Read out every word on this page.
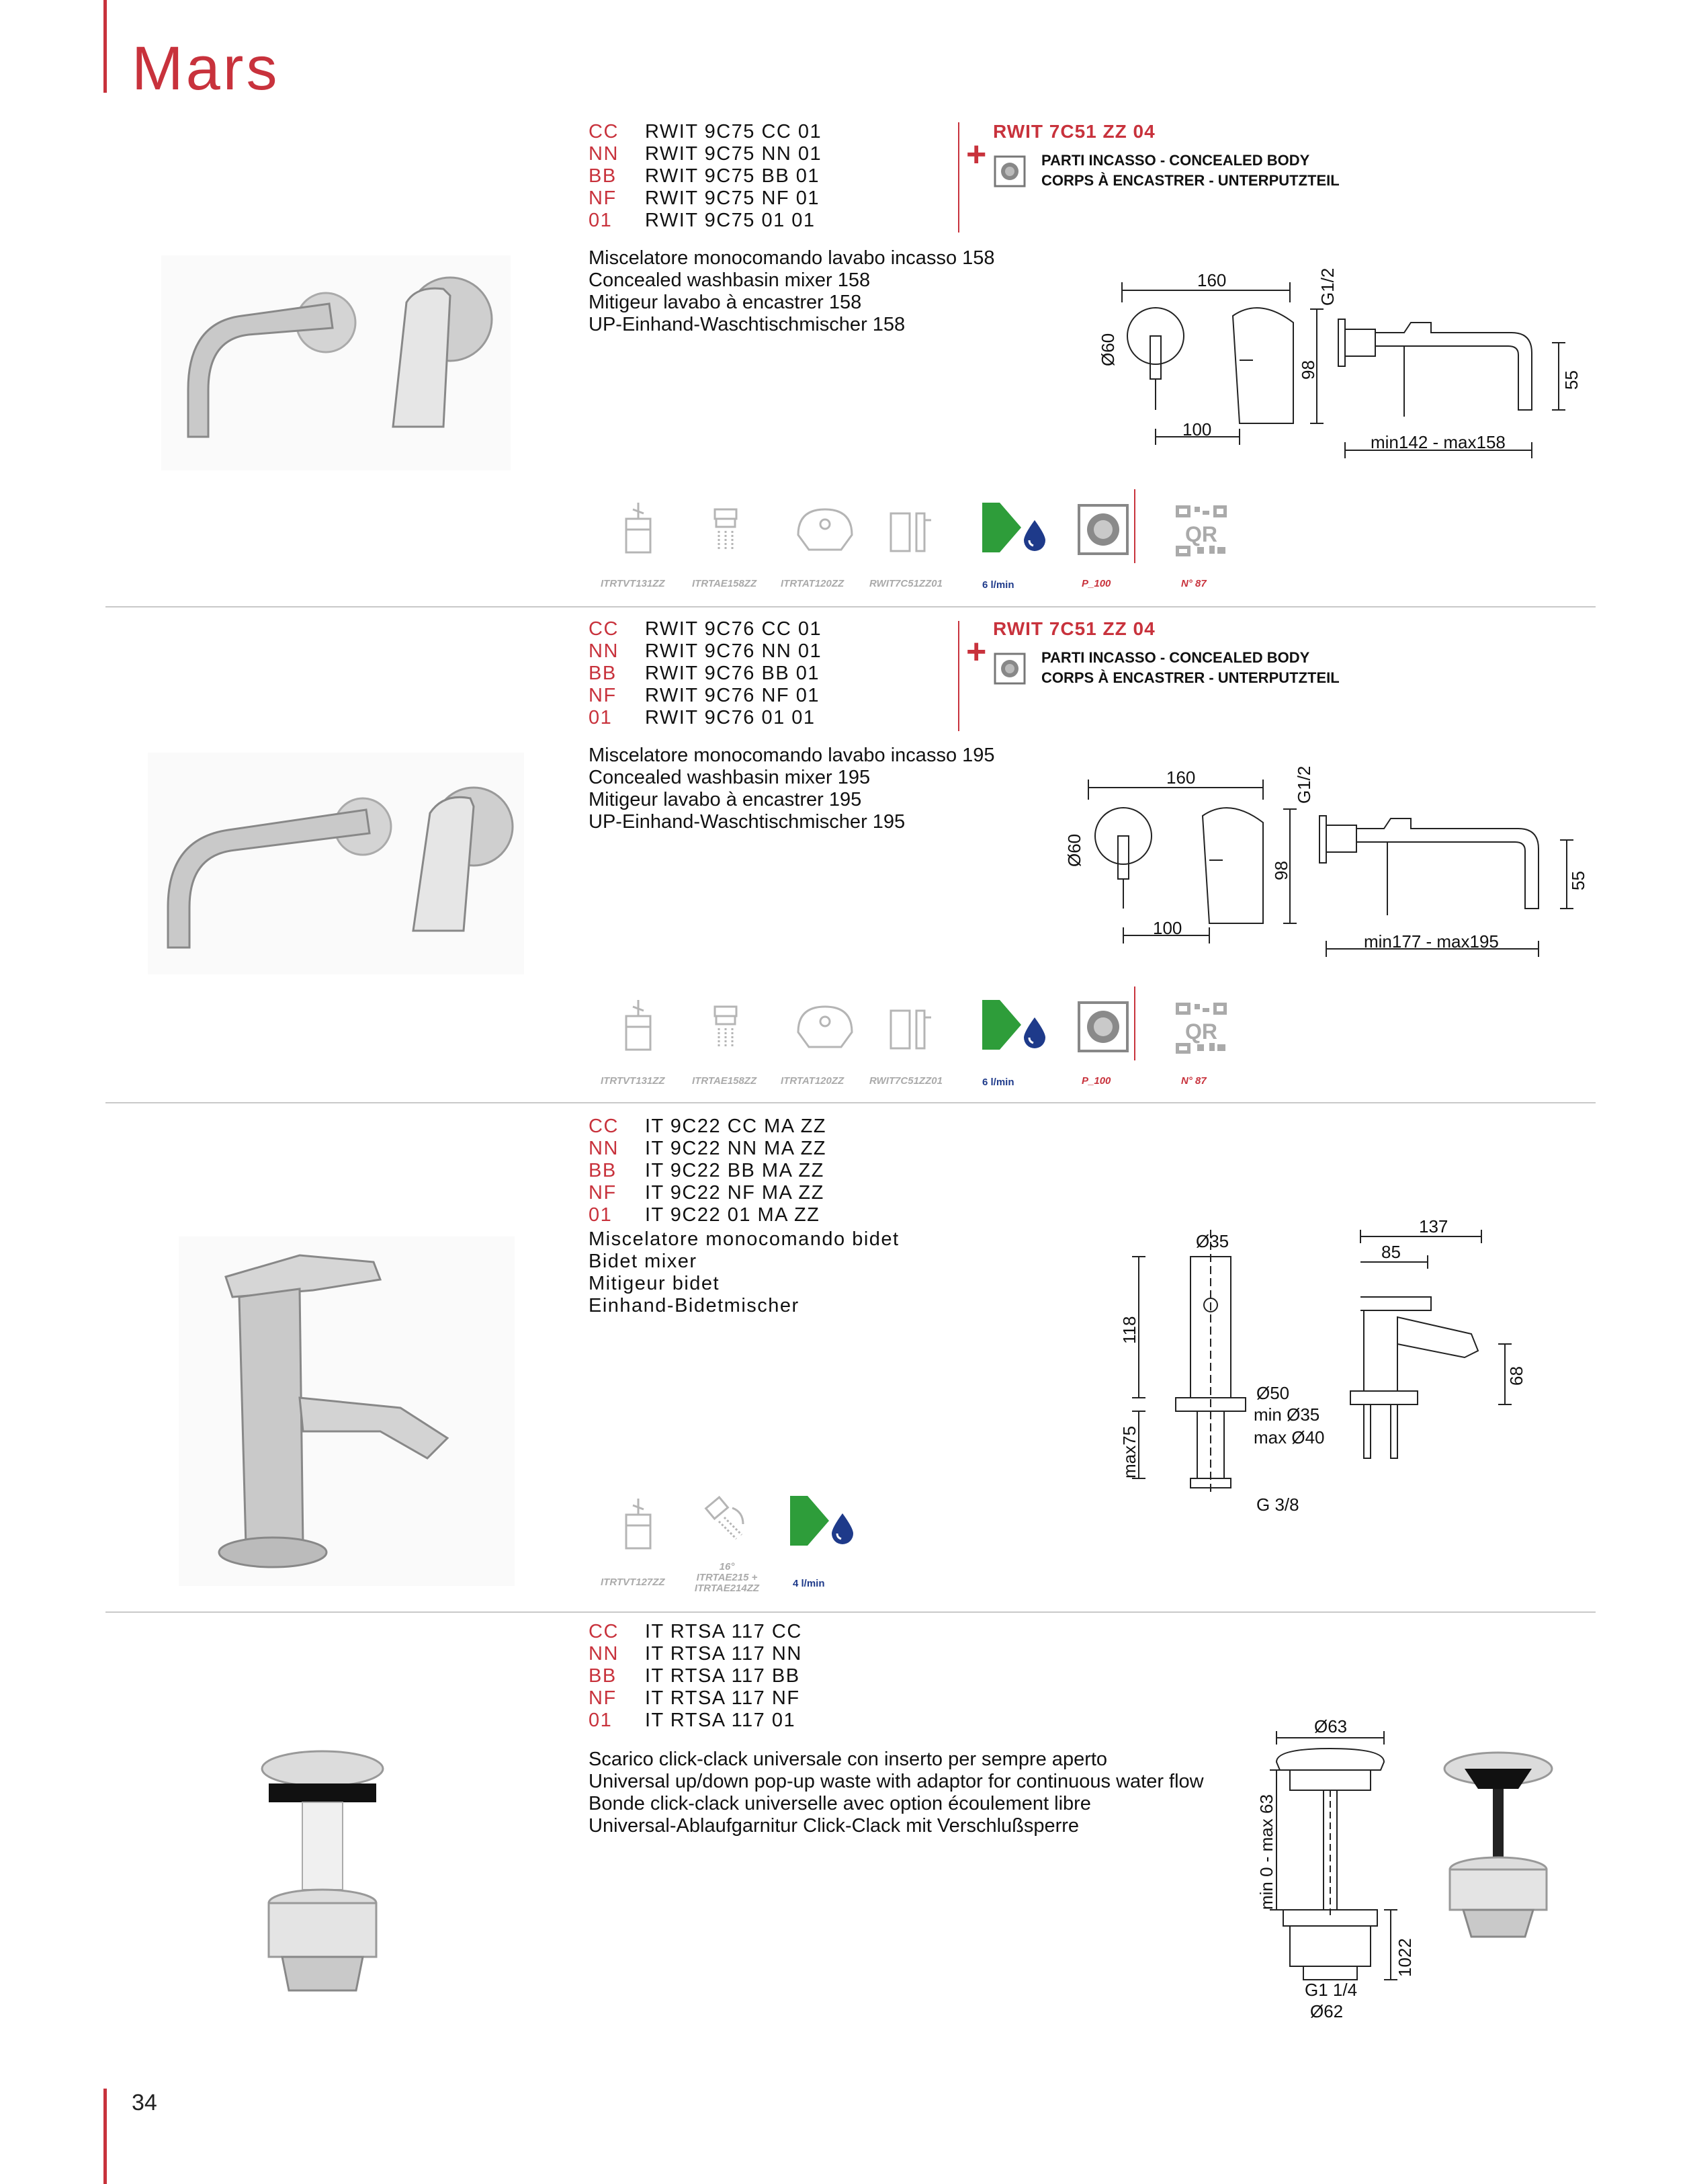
Mars
34
CC	RWIT 9C75 CC 01
NN	RWIT 9C75 NN 01
BB	RWIT 9C75 BB 01
NF	RWIT 9C75 NF 01
01	RWIT 9C75 01 01
RWIT 7C51 ZZ 04
+	PARTI INCASSO - CONCEALED BODY
CORPS À ENCASTRER - UNTERPUTZTEIL
Miscelatore monocomando lavabo incasso 158
Concealed washbasin mixer 158
Mitigeur lavabo à encastrer 158
UP-Einhand-Waschtischmischer 158
160
Ø60
98
G1/2
100
55
min142 - max158
QR
ITRTVT131ZZ	ITRTAE158ZZ ITRTAT120ZZ	RWIT7C51ZZ01	6 l/min	P_100	N° 87
CC	RWIT 9C76 CC 01
NN	RWIT 9C76 NN 01
BB	RWIT 9C76 BB 01
NF	RWIT 9C76 NF 01
01	RWIT 9C76 01 01
RWIT 7C51 ZZ 04
+	PARTI INCASSO - CONCEALED BODY
CORPS À ENCASTRER - UNTERPUTZTEIL
Miscelatore monocomando lavabo incasso 195
Concealed washbasin mixer 195
Mitigeur lavabo à encastrer 195
UP-Einhand-Waschtischmischer 195
160
Ø60
98
G1/2
100
55
min177 - max195
QR
ITRTVT131ZZ	ITRTAE158ZZ ITRTAT120ZZ	RWIT7C51ZZ01	6 l/min	P_100	N° 87
CC	IT 9C22 CC MA ZZ
NN	IT 9C22 NN MA ZZ
BB	IT 9C22 BB MA ZZ
NF	IT 9C22 NF MA ZZ
01	IT 9C22 01 MA ZZ
Miscelatore monocomando bidet
Bidet mixer
Mitigeur bidet
Einhand-Bidetmischer
Ø35
118
Ø50
min Ø35
max Ø40
max75
G 3/8
137
85
68
ITRTVT127ZZ
16° ITRTAE215 + ITRTAE214ZZ	4 l/min
CC	IT RTSA 117 CC
NN	IT RTSA 117 NN
BB	IT RTSA 117 BB
NF	IT RTSA 117 NF
01	IT RTSA 117 01
Scarico click-clack universale con inserto per sempre aperto
Universal up/down pop-up waste with adaptor for continuous water flow
Bonde click-clack universelle avec option écoulement libre
Universal-Ablaufgarnitur Click-Clack mit Verschlußsperre
Ø63
min 0 - max 63
1022
G1 1/4
Ø62
